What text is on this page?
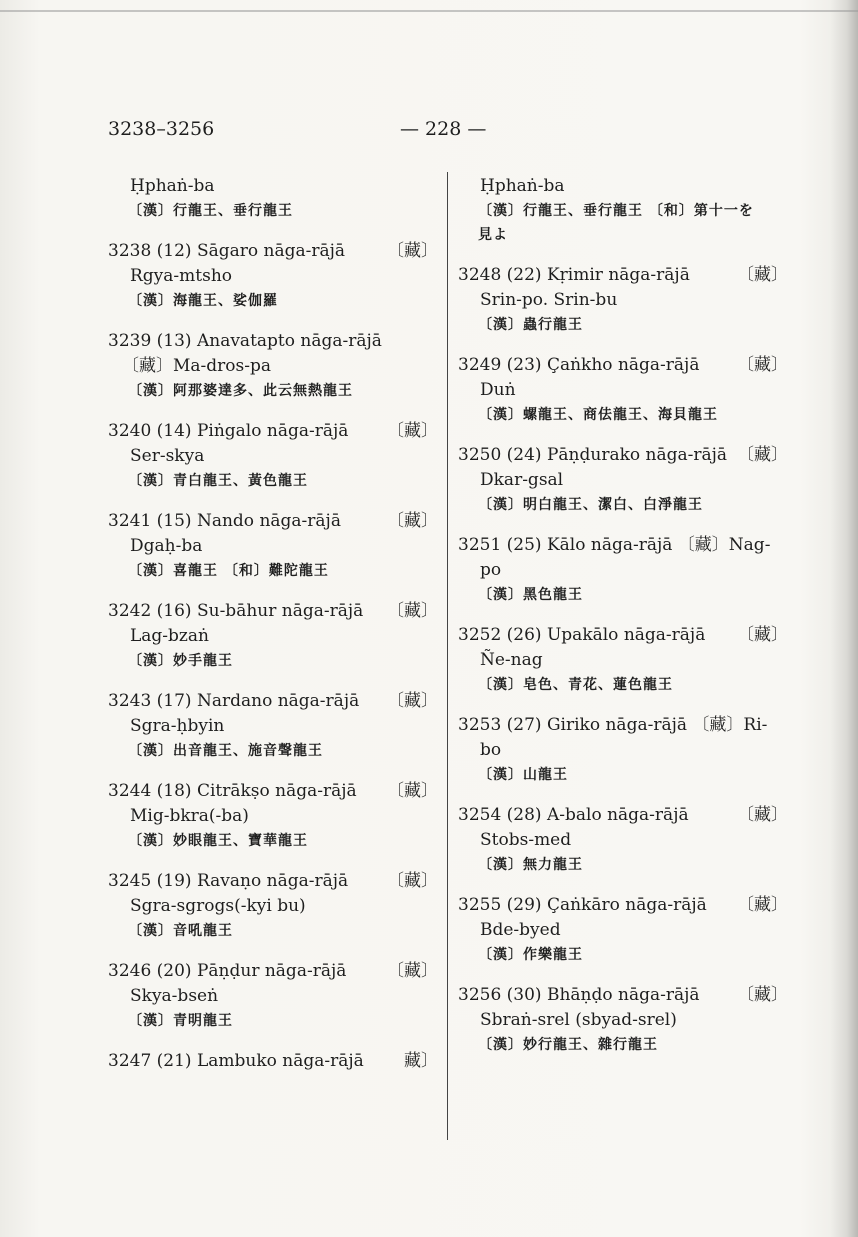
3238–3256	— 228 —
Ḥphaṅ-ba
〔漢〕行龍王、垂行龍王
3238 (12) Sāgaro nāga-rājā 〔藏〕
Rgya-mtsho
〔漢〕海龍王、娑伽羅
3239 (13) Anavatapto nāga-rājā
〔藏〕Ma-dros-pa
〔漢〕阿那婆達多、此云無熱龍王
3240 (14) Piṅgalo nāga-rājā 〔藏〕
Ser-skya
〔漢〕青白龍王、黃色龍王
3241 (15) Nando nāga-rājā	〔藏〕
Dgaḥ-ba
〔漢〕喜龍王 〔和〕難陀龍王
3242 (16) Su-bāhur nāga-rājā 〔藏〕
Lag-bzaṅ
〔漢〕妙手龍王
3243 (17) Nardano nāga-rājā 〔藏〕
Sgra-ḥbyin
〔漢〕出音龍王、施音聲龍王
3244 (18) Citrākṣo nāga-rājā 〔藏〕
Mig-bkra(-ba)
〔漢〕妙眼龍王、寶華龍王
3245 (19) Ravaṇo nāga-rājā 〔藏〕
Sgra-sgrogs(-kyi bu)
〔漢〕音吼龍王
3246 (20) Pāṇḍur nāga-rājā 〔藏〕
Skya-bseṅ
〔漢〕青明龍王
3247 (21) Lambuko nāga-rājā 藏〕
Ḥphaṅ-ba
〔漢〕行龍王、垂行龍王 〔和〕第十一を
見よ
3248 (22) Kṛimir nāga-rājā	〔藏〕
Srin-po. Srin-bu
〔漢〕蟲行龍王
3249 (23) Çaṅkho nāga-rājā 〔藏〕
Duṅ
〔漢〕螺龍王、商佉龍王、海貝龍王
3250 (24) Pāṇḍurako nāga-rājā 〔藏〕
Dkar-gsal
〔漢〕明白龍王、潔白、白淨龍王
3251 (25) Kālo nāga-rājā 〔藏〕Nag-
po
〔漢〕黑色龍王
3252 (26) Upakālo nāga-rājā 〔藏〕
Ñe-nag
〔漢〕皂色、青花、蓮色龍王
3253 (27) Giriko nāga-rājā 〔藏〕Ri-
bo
〔漢〕山龍王
3254 (28) A-balo nāga-rājā	〔藏〕
Stobs-med
〔漢〕無力龍王
3255 (29) Çaṅkāro nāga-rājā 〔藏〕
Bde-byed
〔漢〕作樂龍王
3256 (30) Bhāṇḍo nāga-rājā 〔藏〕
Sbraṅ-srel (sbyad-srel)
〔漢〕妙行龍王、雜行龍王
